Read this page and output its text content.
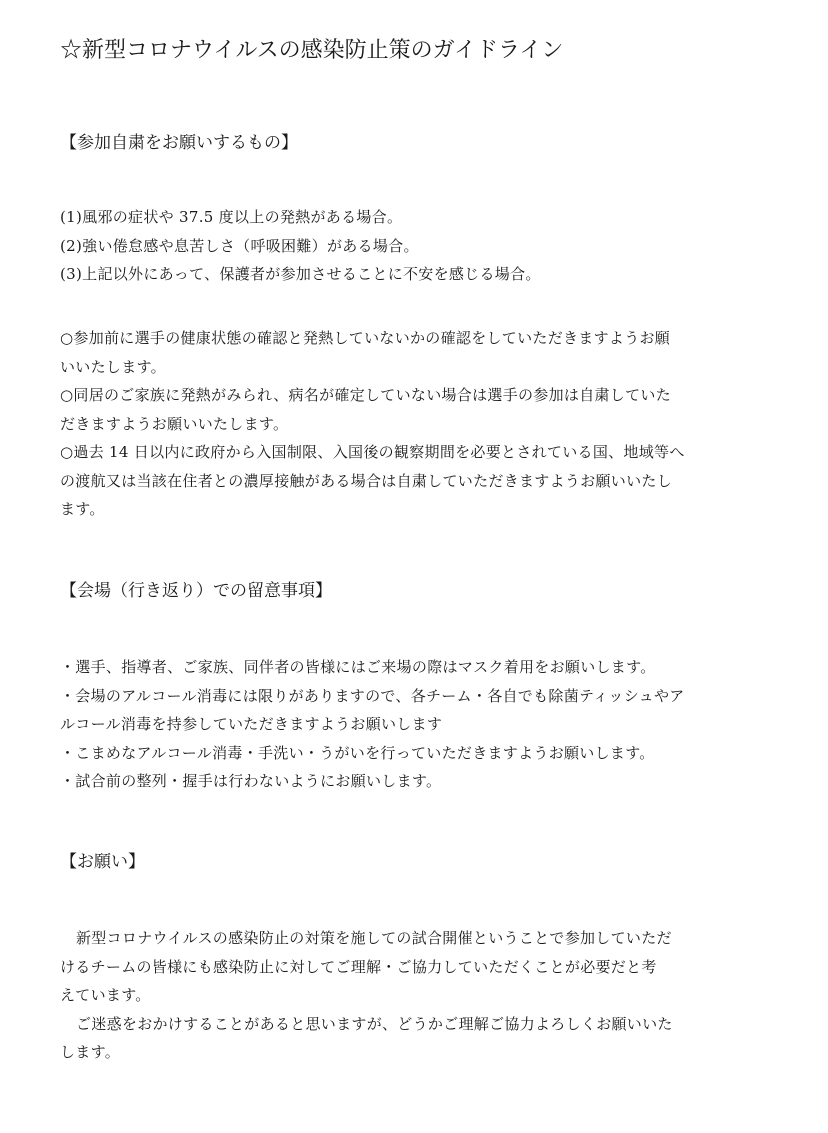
☆新型コロナウイルスの感染防止策のガイドライン
【参加自粛をお願いするもの】
(1)風邪の症状や 37.5 度以上の発熱がある場合。
(2)強い倦怠感や息苦しさ（呼吸困難）がある場合。
(3)上記以外にあって、保護者が参加させることに不安を感じる場合。
○参加前に選手の健康状態の確認と発熱していないかの確認をしていただきますようお願
いいたします。
○同居のご家族に発熱がみられ、病名が確定していない場合は選手の参加は自粛していた
だきますようお願いいたします。
○過去 14 日以内に政府から入国制限、入国後の観察期間を必要とされている国、地域等へ
の渡航又は当該在住者との濃厚接触がある場合は自粛していただきますようお願いいたし
ます。
【会場（行き返り）での留意事項】
・選手、指導者、ご家族、同伴者の皆様にはご来場の際はマスク着用をお願いします。
・会場のアルコール消毒には限りがありますので、各チーム・各自でも除菌ティッシュやア
ルコール消毒を持参していただきますようお願いします
・こまめなアルコール消毒・手洗い・うがいを行っていただきますようお願いします。
・試合前の整列・握手は行わないようにお願いします。
【お願い】
新型コロナウイルスの感染防止の対策を施しての試合開催ということで参加していただ
けるチームの皆様にも感染防止に対してご理解・ご協力していただくことが必要だと考
えています。
ご迷惑をおかけすることがあると思いますが、どうかご理解ご協力よろしくお願いいた
します。
